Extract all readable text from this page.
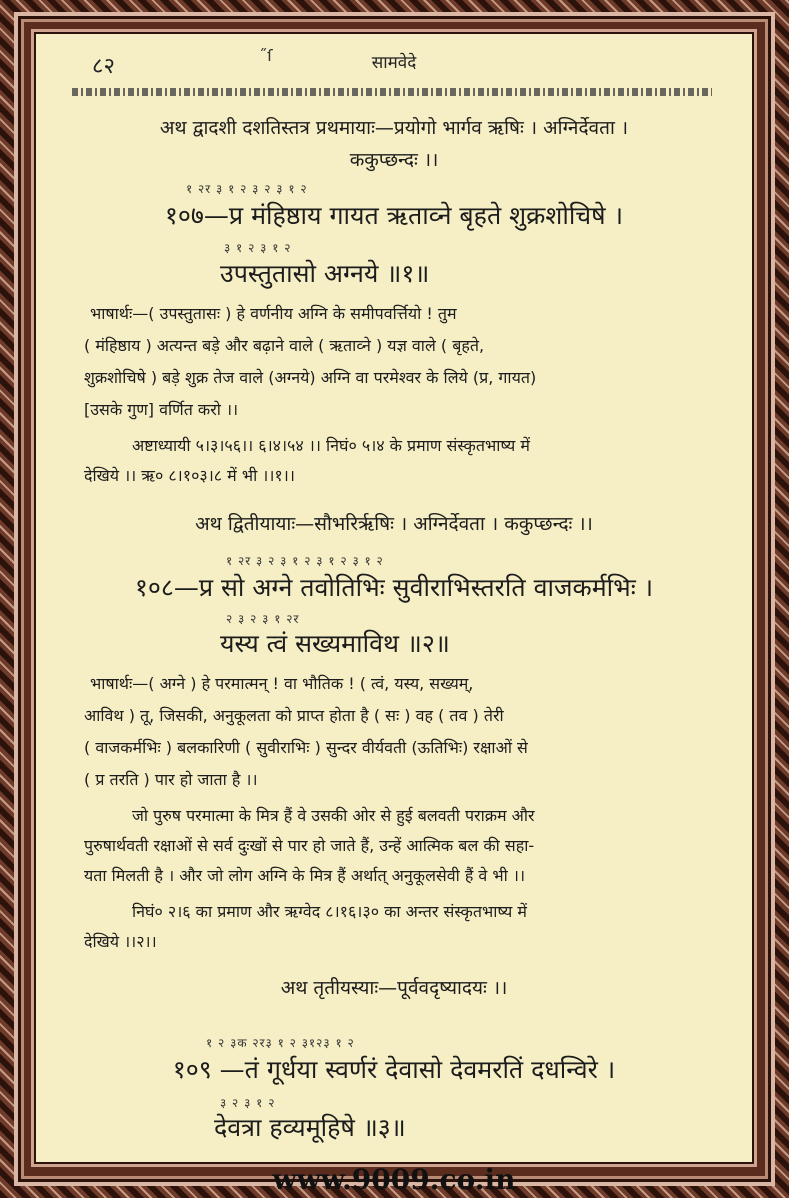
८२	˝ſ	सामवेदे
अथ द्वादशी दशतिस्तत्र प्रथमायाः—प्रयोगो भार्गव ऋषिः । अग्निर्देवता ।
ककुप्छन्दः ।।
१ २र ३ १ २ ३ २ ३ १ २
१०७—प्र मंहिष्ठाय गायत ऋताव्ने बृहते शुक्रशोचिषे ।
३ १ २ ३ १ २
उपस्तुतासो अग्नये ॥१॥
भाषार्थः—( उपस्तुतासः ) हे वर्णनीय अग्नि के समीपवर्त्तियो ! तुम
( मंहिष्ठाय ) अत्यन्त बड़े और बढ़ाने वाले ( ऋताव्ने ) यज्ञ वाले ( बृहते,
शुक्रशोचिषे ) बड़े शुक्र तेज वाले (अग्नये) अग्नि वा परमेश्वर के लिये (प्र, गायत)
[उसके गुण] वर्णित करो ।।
अष्टाध्यायी ५।३।५६।। ६।४।५४ ।। निघं० ५।४ के प्रमाण संस्कृतभाष्य में
देखिये ।। ऋ० ८।१०३।८ में भी ।।१।।
अथ द्वितीयायाः—सौभरिर्ऋषिः । अग्निर्देवता । ककुप्छन्दः ।।
१ २र ३ २ ३ १ २ ३ १ २ ३ १ २
१०८—प्र सो अग्ने तवोतिभिः सुवीराभिस्तरति वाजकर्मभिः ।
२ ३ २ ३ १ २र
यस्य त्वं सख्यमाविथ ॥२॥
भाषार्थः—( अग्ने ) हे परमात्मन् ! वा भौतिक ! ( त्वं, यस्य, सख्यम्,
आविथ ) तू, जिसकी, अनुकूलता को प्राप्त होता है ( सः ) वह ( तव ) तेरी
( वाजकर्मभिः ) बलकारिणी ( सुवीराभिः ) सुन्दर वीर्यवती (ऊतिभिः) रक्षाओं से
( प्र तरति ) पार हो जाता है ।।
जो पुरुष परमात्मा के मित्र हैं वे उसकी ओर से हुई बलवती पराक्रम और
पुरुषार्थवती रक्षाओं से सर्व दुःखों से पार हो जाते हैं, उन्हें आत्मिक बल की सहा-
यता मिलती है । और जो लोग अग्नि के मित्र हैं अर्थात् अनुकूलसेवी हैं वे भी ।।
निघं० २।६ का प्रमाण और ऋग्वेद ८।१६।३० का अन्तर संस्कृतभाष्य में
देखिये ।।२।।
अथ तृतीयस्याः—पूर्ववदृष्यादयः ।।
१ २ ३क २र३ १ २ ३१२३ १ २
१०९ —तं गूर्धया स्वर्णरं देवासो देवमरतिं दधन्विरे ।
३ २ ३ १ २
देवत्रा हव्यमूहिषे ॥३॥
www.9009.co.in
